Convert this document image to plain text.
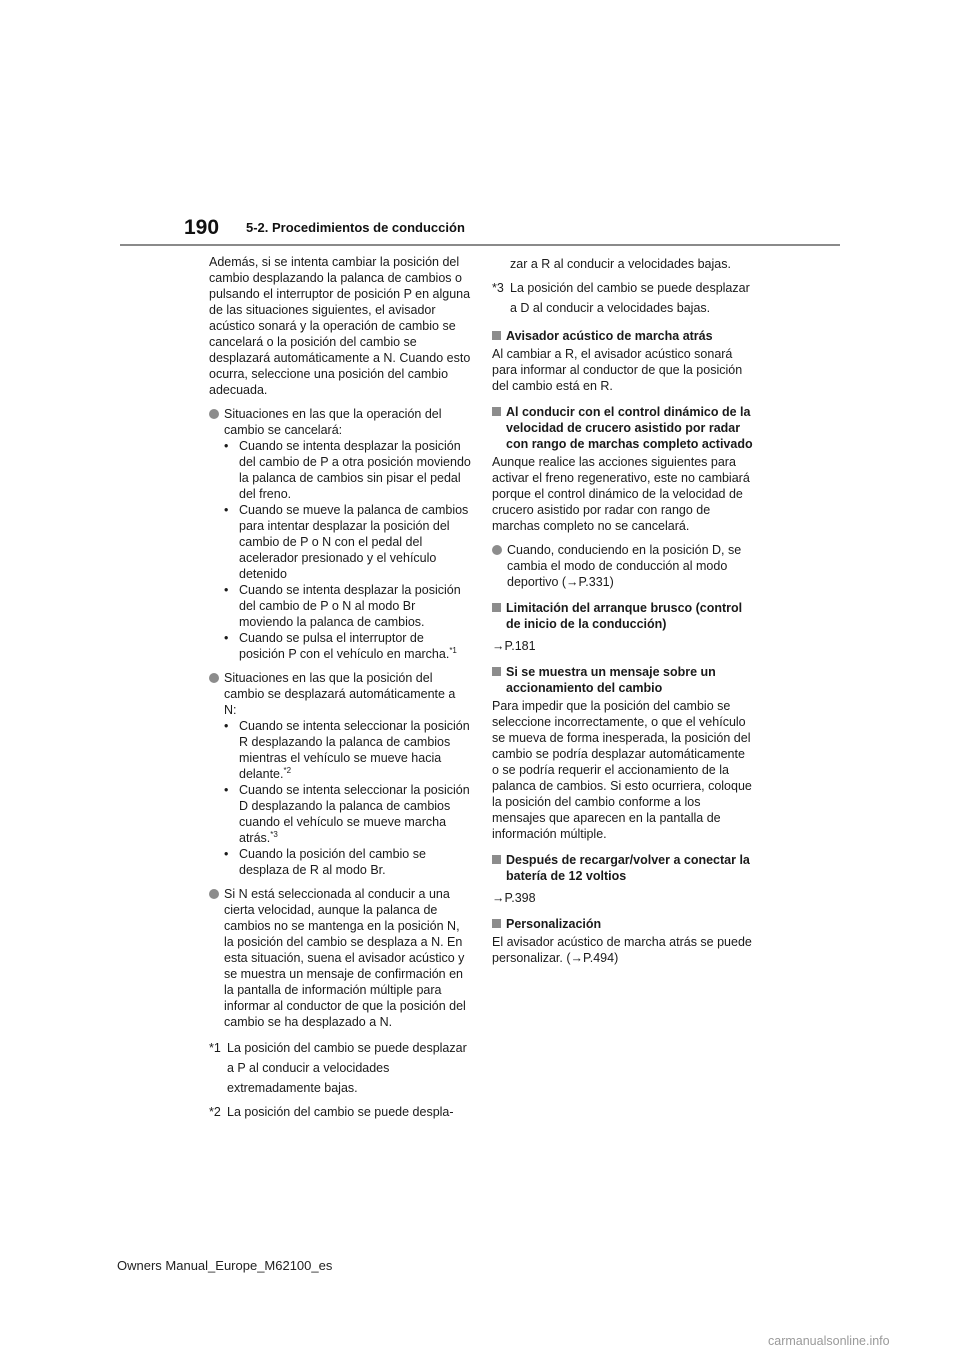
190 5-2. Procedimientos de conducción

Además, si se intenta cambiar la posición del cambio desplazando la palanca de cambios o pulsando el interruptor de posición P en alguna de las situaciones siguientes, el avisador acústico sonará y la operación de cambio se cancelará o la posición del cambio se desplazará automáticamente a N. Cuando esto ocurra, seleccione una posición del cambio adecuada.

Situaciones en las que la operación del cambio se cancelará:
• Cuando se intenta desplazar la posición del cambio de P a otra posición moviendo la palanca de cambios sin pisar el pedal del freno.
• Cuando se mueve la palanca de cambios para intentar desplazar la posición del cambio de P o N con el pedal del acelerador presionado y el vehículo detenido
• Cuando se intenta desplazar la posición del cambio de P o N al modo Br moviendo la palanca de cambios.
• Cuando se pulsa el interruptor de posición P con el vehículo en marcha.$^{*1}$
Situaciones en las que la posición del cambio se desplazará automáticamente a N:
• Cuando se intenta seleccionar la posición R desplazando la palanca de cambios mientras el vehículo se mueve hacia delante.$^{*2}$
• Cuando se intenta seleccionar la posición D desplazando la palanca de cambios cuando el vehículo se mueve marcha atrás.$^{*3}$
• Cuando la posición del cambio se desplaza de R al modo Br.
Si N está seleccionada al conducir a una cierta velocidad, aunque la palanca de cambios no se mantenga en la posición N, la posición del cambio se desplaza a N. En esta situación, suena el avisador acústico y se muestra un mensaje de confirmación en la pantalla de información múltiple para informar al conductor de que la posición del cambio se ha desplazado a N.
*1 La posición del cambio se puede desplazar a P al conducir a velocidades extremadamente bajas.
*2 La posición del cambio se puede despla-
zar a R al conducir a velocidades bajas.
*3 La posición del cambio se puede desplazar a D al conducir a velocidades bajas.
Avisador acústico de marcha atrás
Al cambiar a R, el avisador acústico sonará para informar al conductor de que la posición del cambio está en R.
Al conducir con el control dinámico de la velocidad de crucero asistido por radar con rango de marchas completo activado
Aunque realice las acciones siguientes para activar el freno regenerativo, este no cambiará porque el control dinámico de la velocidad de crucero asistido por radar con rango de marchas completo no se cancelará.
Cuando, conduciendo en la posición D, se cambia el modo de conducción al modo deportivo (→P.331)
Limitación del arranque brusco (control de inicio de la conducción)
→P.181
Si se muestra un mensaje sobre un accionamiento del cambio
Para impedir que la posición del cambio se seleccione incorrectamente, o que el vehículo se mueva de forma inesperada, la posición del cambio se podría desplazar automáticamente o se podría requerir el accionamiento de la palanca de cambios. Si esto ocurriera, coloque la posición del cambio conforme a los mensajes que aparecen en la pantalla de información múltiple.
Después de recargar/volver a conectar la batería de 12 voltios
→P.398
Personalización
El avisador acústico de marcha atrás se puede personalizar. (→P.494)
Owners Manual_Europe_M62100_es
carmanualsonline.info
